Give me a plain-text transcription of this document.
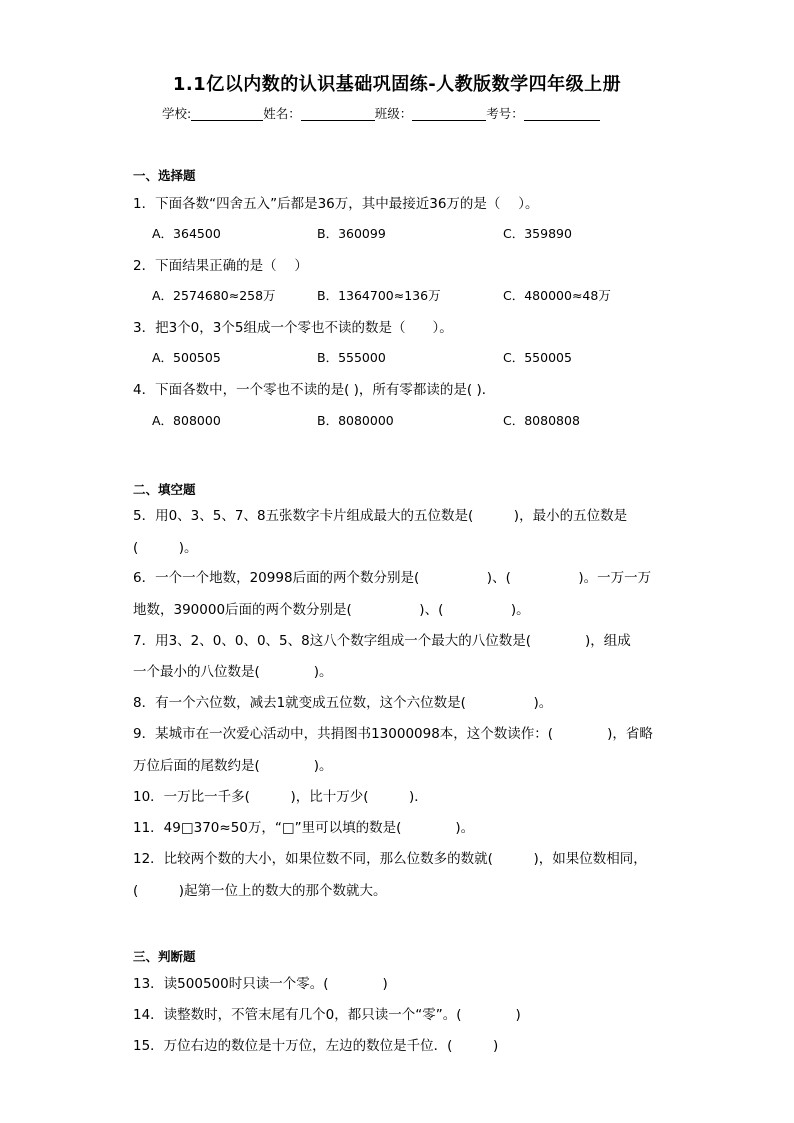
1.1亿以内数的认识基础巩固练-人教版数学四年级上册
学校:	姓名：	班级：	考号：
一、选择题
1．下面各数“四舍五入”后都是36万，其中最接近36万的是（　 ）。
A．364500	B．360099	C．359890
2．下面结果正确的是（　 ）
A．2574680≈258万	B．1364700≈136万	C．480000≈48万
3．把3个0，3个5组成一个零也不读的数是（　　）。
A．500505	B．555000	C．550005
4．下面各数中，一个零也不读的是( )，所有零都读的是( )．
A．808000	B．8080000	C．8080808
二、填空题
5．用0、3、5、7、8五张数字卡片组成最大的五位数是(　　　)，最小的五位数是
(　　　)。
6．一个一个地数，20998后面的两个数分别是(　　　　　)、(　　　　　)。一万一万
地数，390000后面的两个数分别是(　　　　　)、(　　　　　)。
7．用3、2、0、0、0、5、8这八个数字组成一个最大的八位数是(　　　　)，组成
一个最小的八位数是(　　　　)。
8．有一个六位数，减去1就变成五位数，这个六位数是(　　　　　)。
9．某城市在一次爱心活动中，共捐图书13000098本，这个数读作：(　　　　)，省略
万位后面的尾数约是(　　　　)。
10．一万比一千多(　　　)，比十万少(　　　)．
11．49□370≈50万，“□”里可以填的数是(　　　　)。
12．比较两个数的大小，如果位数不同，那么位数多的数就(　　　)，如果位数相同，
(　　　)起第一位上的数大的那个数就大。
三、判断题
13．读500500时只读一个零。(　　　　)
14．读整数时，不管末尾有几个0，都只读一个“零”。(　　　　)
15．万位右边的数位是十万位，左边的数位是千位．(　　　)
